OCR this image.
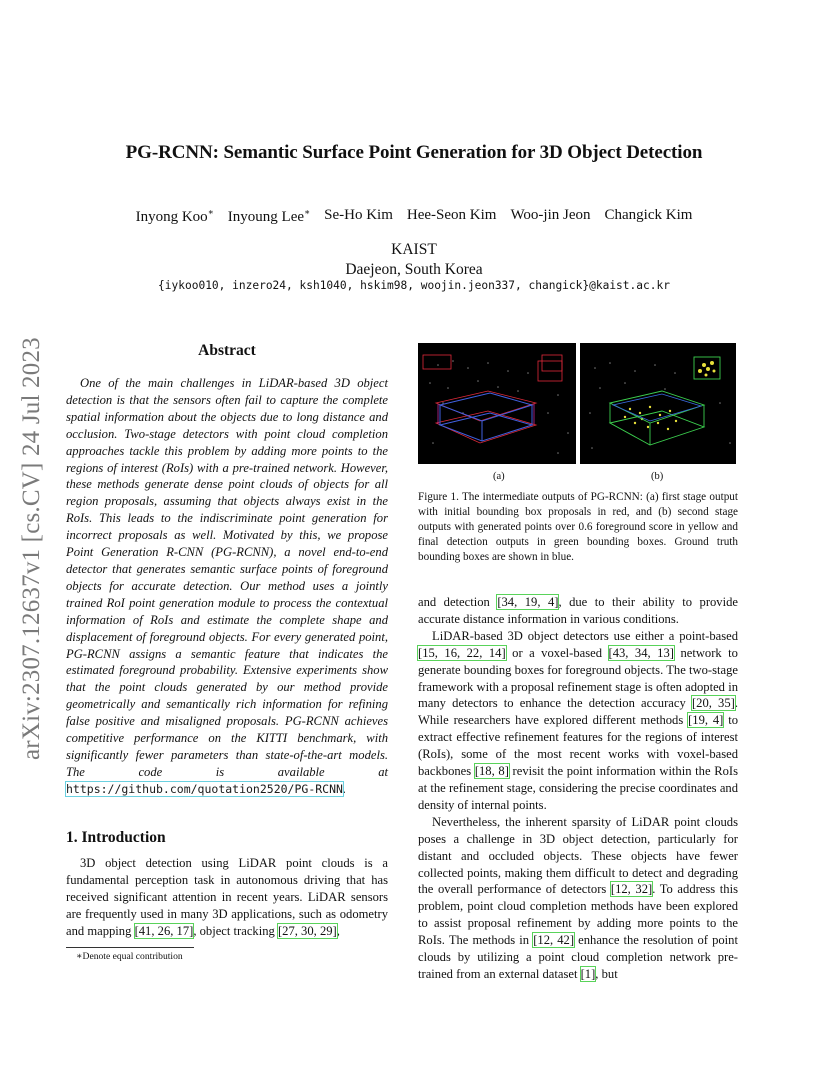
PG-RCNN: Semantic Surface Point Generation for 3D Object Detection
Inyong Koo∗ Inyoung Lee∗ Se-Ho Kim Hee-Seon Kim Woo-jin Jeon Changick Kim
KAIST
Daejeon, South Korea
{iykoo010, inzero24, ksh1040, hskim98, woojin.jeon337, changick}@kaist.ac.kr
arXiv:2307.12637v1 [cs.CV] 24 Jul 2023	Abstract
One of the main challenges in LiDAR-based 3D object detection is that the sensors often fail to capture the complete spatial information about the objects due to long distance and occlusion. Two-stage detectors with point cloud completion approaches tackle this problem by adding more points to the regions of interest (RoIs) with a pre-trained network. However, these methods generate dense point clouds of objects for all region proposals, assuming that objects always exist in the RoIs. This leads to the indiscriminate point generation for incorrect proposals as well. Motivated by this, we propose Point Generation R-CNN (PG-RCNN), a novel end-to-end detector that generates semantic surface points of foreground objects for accurate detection. Our method uses a jointly trained RoI point generation module to process the contextual information of RoIs and estimate the complete shape and displacement of foreground objects. For every generated point, PG-RCNN assigns a semantic feature that indicates the estimated foreground probability. Extensive experiments show that the point clouds generated by our method provide geometrically and semantically rich information for refining false positive and misaligned proposals. PG-RCNN achieves competitive performance on the KITTI benchmark, with significantly fewer parameters than state-of-the-art models. The code is available at https://github.com/quotation2520/PG-RCNN.
1. Introduction
3D object detection using LiDAR point clouds is a fundamental perception task in autonomous driving that has received significant attention in recent years. LiDAR sensors are frequently used in many 3D applications, such as odometry and mapping [41, 26, 17], object tracking [27, 30, 29],
∗Denote equal contribution
(a)	(b)
Figure 1. The intermediate outputs of PG-RCNN: (a) first stage output with initial bounding box proposals in red, and (b) second stage outputs with generated points over 0.6 foreground score in yellow and final detection outputs in green bounding boxes. Ground truth bounding boxes are shown in blue.

and detection [34, 19, 4], due to their ability to provide accurate distance information in various conditions.

LiDAR-based 3D object detectors use either a point-based [15, 16, 22, 14] or a voxel-based [43, 34, 13] network to generate bounding boxes for foreground objects. The two-stage framework with a proposal refinement stage is often adopted in many detectors to enhance the detection accuracy [20, 35]. While researchers have explored different methods [19, 4] to extract effective refinement features for the regions of interest (RoIs), some of the most recent works with voxel-based backbones [18, 8] revisit the point information within the RoIs at the refinement stage, considering the precise coordinates and density of internal points.

Nevertheless, the inherent sparsity of LiDAR point clouds poses a challenge in 3D object detection, particularly for distant and occluded objects. These objects have fewer collected points, making them difficult to detect and degrading the overall performance of detectors [12, 32]. To address this problem, point cloud completion methods have been explored to assist proposal refinement by adding more points to the RoIs. The methods in [12, 42] enhance the resolution of point clouds by utilizing a point cloud completion network pre-trained from an external dataset [1], but
